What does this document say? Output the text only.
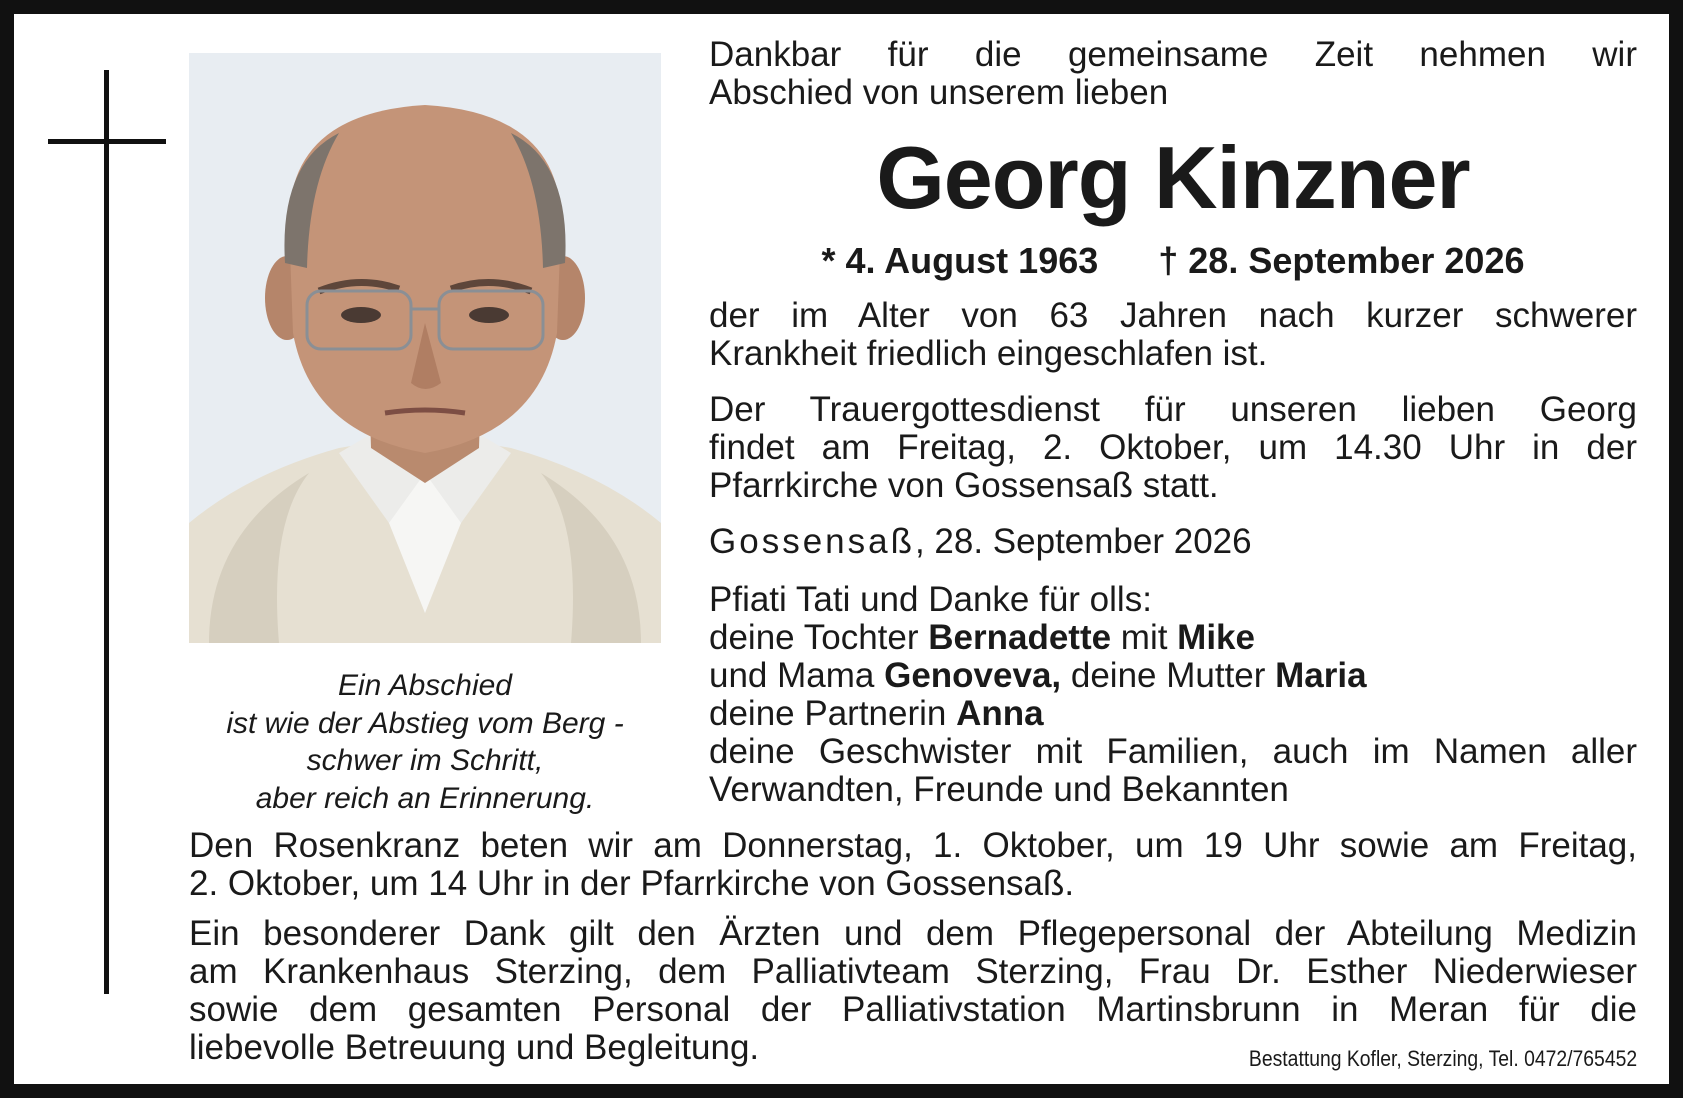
Ein Abschied
ist wie der Abstieg vom Berg -
schwer im Schritt,
aber reich an Erinnerung.
Dankbar für die gemeinsame Zeit nehmen wir
Abschied von unserem lieben
Georg Kinzner
* 4. August 1963 † 28. September 2026
der im Alter von 63 Jahren nach kurzer schwerer
Krankheit friedlich eingeschlafen ist.
Der Trauergottesdienst für unseren lieben Georg
findet am Freitag, 2. Oktober, um 14.30 Uhr in der
Pfarrkirche von Gossensaß statt.
Gossensaß, 28. September 2026
Pfiati Tati und Danke für olls:
deine Tochter Bernadette mit Mike
und Mama Genoveva, deine Mutter Maria
deine Partnerin Anna
deine Geschwister mit Familien, auch im Namen aller
Verwandten, Freunde und Bekannten
Den Rosenkranz beten wir am Donnerstag, 1. Oktober, um 19 Uhr sowie am Freitag,
2. Oktober, um 14 Uhr in der Pfarrkirche von Gossensaß.
Ein besonderer Dank gilt den Ärzten und dem Pflegepersonal der Abteilung Medizin
am Krankenhaus Sterzing, dem Palliativteam Sterzing, Frau Dr. Esther Niederwieser
sowie dem gesamten Personal der Palliativstation Martinsbrunn in Meran für die
liebevolle Betreuung und Begleitung.	Bestattung Kofler, Sterzing, Tel. 0472/765452
